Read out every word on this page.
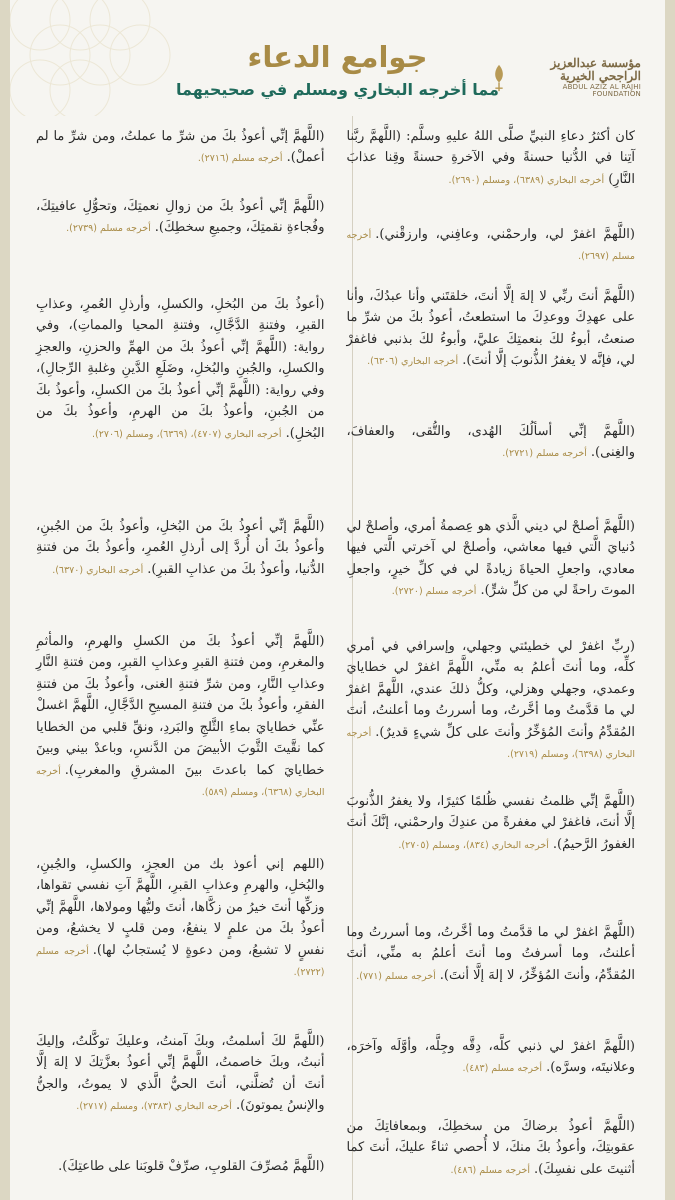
مؤسسة عبدالعزيز الراجحي الخيرية
ABDUL AZIZ AL RAJHI FOUNDATION
جوامع الدعاء
مما أخرجه البخاري ومسلم في صحيحيهما
كان أكثرُ دعاءِ النبيِّ صلَّى اللهُ عليهِ وسلَّم: (اللَّهمَّ ربَّنا آتِنا في الدُّنيا حسنةً وفي الآخرةِ حسنةً وقِنا عذابَ النَّارِ)أخرجه البخاري (٦٣٨٩)، ومسلم (٢٦٩٠).
(اللَّهمَّ اغفرْ لي، وارحمْني، وعافِني، وارزقْني).أخرجه مسلم (٢٦٩٧).
(اللَّهمَّ أنتَ ربِّي لا إلهَ إلَّا أنتَ، خلقتَني وأنا عبدُكَ، وأنا على عهدِكَ ووعدِكَ ما استطعتُ، أعوذُ بكَ من شرِّ ما صنعتُ، أبوءُ لكَ بنعمتِكَ عليَّ، وأبوءُ لكَ بذنبي فاغفرْ لي، فإنَّه لا يغفرُ الذُّنوبَ إلَّا أنتَ).أخرجه البخاري (٦٣٠٦).
(اللَّهمَّ إنِّي أسألُكَ الهُدى، والتُّقى، والعفافَ، والغِنى).أخرجه مسلم (٢٧٢١).
(اللَّهمَّ أصلحْ لي ديني الَّذي هو عِصمةُ أمري، وأصلحْ لي دُنيايَ الَّتي فيها معاشي، وأصلحْ لي آخرتي الَّتي فيها معادي، واجعلِ الحياةَ زيادةً لي في كلِّ خيرٍ، واجعلِ الموتَ راحةً لي من كلِّ شرٍّ).أخرجه مسلم (٢٧٢٠).
(ربِّ اغفرْ لي خطيئتي وجهلي، وإسرافي في أمري كلِّه، وما أنتَ أعلمُ به منِّي، اللَّهمَّ اغفرْ لي خطايايَ وعمدي، وجهلي وهزلي، وكلُّ ذلكَ عندي، اللَّهمَّ اغفرْ لي ما قدَّمتُ وما أخَّرتُ، وما أسررتُ وما أعلنتُ، أنتَ المُقدِّمُ وأنتَ المُؤخِّرُ وأنتَ على كلِّ شيءٍ قديرٌ).أخرجه البخاري (٦٣٩٨)، ومسلم (٢٧١٩).
(اللَّهمَّ إنِّي ظلمتُ نفسي ظُلمًا كثيرًا، ولا يغفرُ الذُّنوبَ إلَّا أنتَ، فاغفرْ لي مغفرةً من عندِكَ وارحمْني، إنَّكَ أنتَ الغفورُ الرَّحيمُ).أخرجه البخاري (٨٣٤)، ومسلم (٢٧٠٥).
(اللَّهمَّ اغفرْ لي ما قدَّمتُ وما أخَّرتُ، وما أسررتُ وما أعلنتُ، وما أسرفتُ وما أنتَ أعلمُ به منِّي، أنتَ المُقدِّمُ، وأنتَ المُؤخِّرُ، لا إلهَ إلَّا أنتَ).أخرجه مسلم (٧٧١).
(اللَّهمَّ اغفرْ لي ذنبي كلَّه، دِقَّه وجِلَّه، وأوَّلَه وآخرَه، وعلانيتَه، وسرَّه).أخرجه مسلم (٤٨٣).
(اللَّهمَّ أعوذُ برضاكَ من سخطِكَ، وبمعافاتِكَ من عقوبتِكَ، وأعوذُ بكَ منكَ، لا أُحصي ثناءً عليكَ، أنتَ كما أثنيتَ على نفسِكَ).أخرجه مسلم (٤٨٦).
(اللَّهمَّ إنِّي أعوذُ بكَ من شرِّ ما عملتُ، ومن شرِّ ما لم أعملْ).أخرجه مسلم (٢٧١٦).
(اللَّهمَّ إنِّي أعوذُ بكَ من زوالِ نعمتِكَ، وتحوُّلِ عافيتِكَ، وفُجاءةِ نقمتِكَ، وجميعِ سخطِكَ).أخرجه مسلم (٢٧٣٩).
(أعوذُ بكَ من البُخلِ، والكسلِ، وأرذلِ العُمرِ، وعذابِ القبرِ، وفتنةِ الدَّجَّالِ، وفتنةِ المحيا والمماتِ)، وفي رواية: (اللَّهمَّ إنِّي أعوذُ بكَ من الهمِّ والحزنِ، والعجزِ والكسلِ، والجُبنِ والبُخلِ، وضَلَعِ الدَّينِ وغلبةِ الرِّجالِ)، وفي رواية: (اللَّهمَّ إنِّي أعوذُ بكَ من الكسلِ، وأعوذُ بكَ من الجُبنِ، وأعوذُ بكَ من الهرمِ، وأعوذُ بكَ من البُخلِ).أخرجه البخاري (٤٧٠٧)، (٦٣٦٩)، ومسلم (٢٧٠٦).
(اللَّهمَّ إنِّي أعوذُ بكَ من البُخلِ، وأعوذُ بكَ من الجُبنِ، وأعوذُ بكَ أن أُردَّ إلى أرذلِ العُمرِ، وأعوذُ بكَ من فتنةِ الدُّنيا، وأعوذُ بكَ من عذابِ القبرِ).أخرجه البخاري (٦٣٧٠).
(اللَّهمَّ إنِّي أعوذُ بكَ من الكسلِ والهرمِ، والمأثمِ والمغرمِ، ومن فتنةِ القبرِ وعذابِ القبرِ، ومن فتنةِ النَّارِ وعذابِ النَّارِ، ومن شرِّ فتنةِ الغنى، وأعوذُ بكَ من فتنةِ الفقرِ، وأعوذُ بكَ من فتنةِ المسيحِ الدَّجَّالِ، اللَّهمَّ اغسلْ عنِّي خطايايَ بماءِ الثَّلجِ والبَردِ، ونقِّ قلبي من الخطايا كما نقَّيتَ الثَّوبَ الأبيضَ من الدَّنسِ، وباعدْ بيني وبينَ خطايايَ كما باعدتَ بينَ المشرقِ والمغربِ).أخرجه البخاري (٦٣٦٨)، ومسلم (٥٨٩).
(اللهم إني أعوذ بك من العجزِ، والكسلِ، والجُبنِ، والبُخلِ، والهرمِ وعذابِ القبرِ، اللَّهمَّ آتِ نفسي تقواها، وزكِّها أنتَ خيرُ من زكَّاها، أنتَ وليُّها ومولاها، اللَّهمَّ إنِّي أعوذُ بكَ من علمٍ لا ينفعُ، ومن قلبٍ لا يخشعُ، ومن نفسٍ لا تشبعُ، ومن دعوةٍ لا يُستجابُ لها).أخرجه مسلم (٢٧٢٢).
(اللَّهمَّ لكَ أسلمتُ، وبكَ آمنتُ، وعليكَ توكَّلتُ، وإليكَ أنبتُ، وبكَ خاصمتُ، اللَّهمَّ إنِّي أعوذُ بعزَّتِكَ لا إلهَ إلَّا أنتَ أن تُضلَّني، أنتَ الحيُّ الَّذي لا يموتُ، والجنُّ والإنسُ يموتونَ).أخرجه البخاري (٧٣٨٣)، ومسلم (٢٧١٧).
(اللَّهمَّ مُصرِّفَ القلوبِ، صرِّفْ قلوبَنا على طاعتِكَ).
